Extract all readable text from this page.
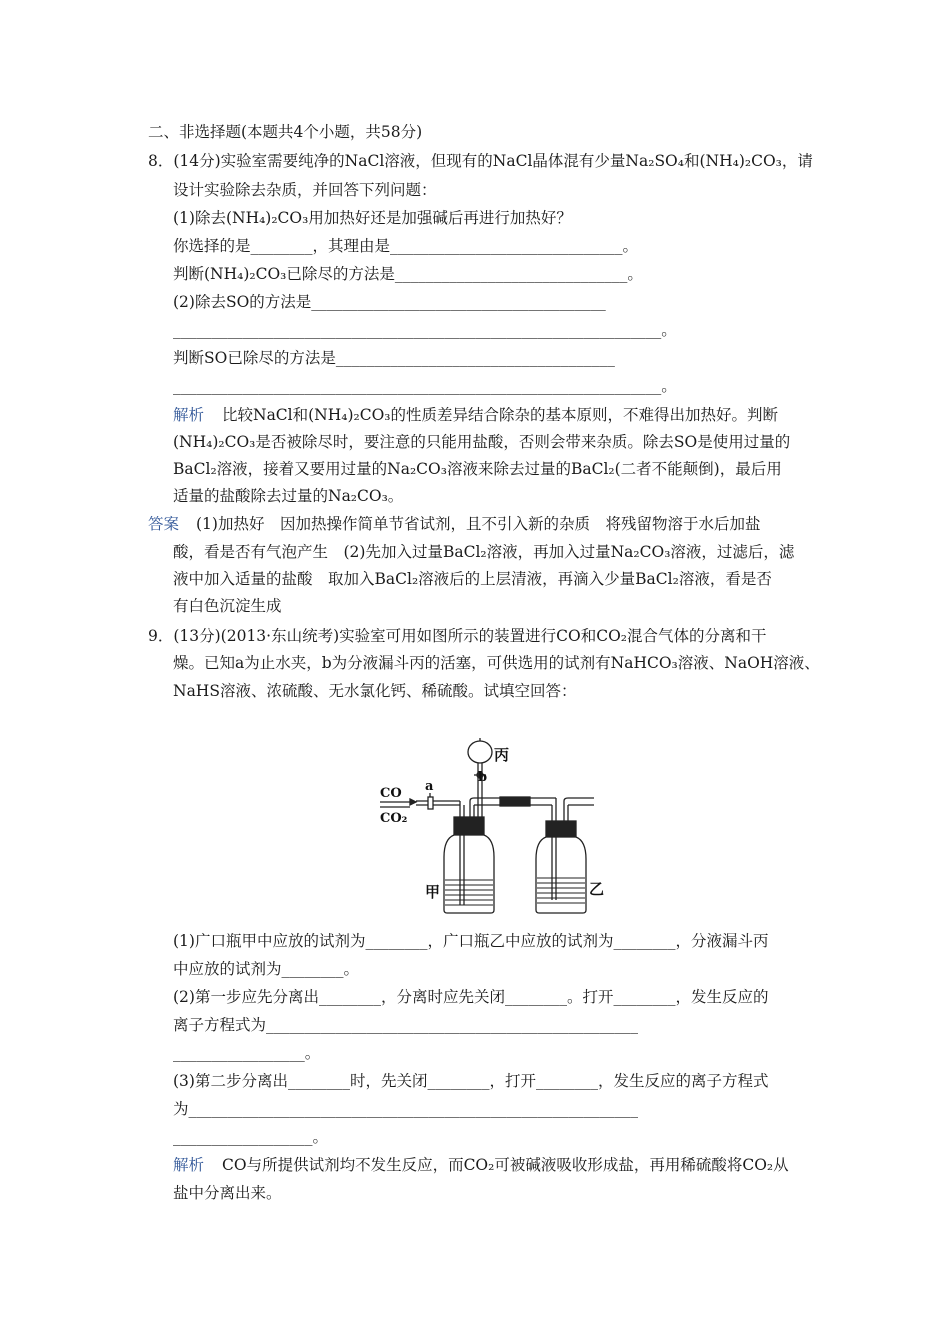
二、非选择题(本题共4个小题，共58分)
8．(14分)实验室需要纯净的NaCl溶液，但现有的NaCl晶体混有少量Na₂SO₄和(NH₄)₂CO₃，请
设计实验除去杂质，并回答下列问题：
(1)除去(NH₄)₂CO₃用加热好还是加强碱后再进行加热好？
你选择的是________，其理由是______________________________。
判断(NH₄)₂CO₃已除尽的方法是______________________________。
(2)除去SO的方法是______________________________________
_______________________________________________________________。
判断SO已除尽的方法是____________________________________
_______________________________________________________________。
解析 比较NaCl和(NH₄)₂CO₃的性质差异结合除杂的基本原则，不难得出加热好。判断
(NH₄)₂CO₃是否被除尽时，要注意的只能用盐酸，否则会带来杂质。除去SO是使用过量的
BaCl₂溶液，接着又要用过量的Na₂CO₃溶液来除去过量的BaCl₂(二者不能颠倒)，最后用
适量的盐酸除去过量的Na₂CO₃。
答案 (1)加热好　因加热操作简单节省试剂，且不引入新的杂质　将残留物溶于水后加盐
酸，看是否有气泡产生　(2)先加入过量BaCl₂溶液，再加入过量Na₂CO₃溶液，过滤后，滤
液中加入适量的盐酸　取加入BaCl₂溶液后的上层清液，再滴入少量BaCl₂溶液，看是否
有白色沉淀生成
9．(13分)(2013·东山统考)实验室可用如图所示的装置进行CO和CO₂混合气体的分离和干
燥。已知a为止水夹，b为分液漏斗丙的活塞，可供选用的试剂有NaHCO₃溶液、NaOH溶液、
NaHS溶液、浓硫酸、无水氯化钙、稀硫酸。试填空回答：
CO
CO₂
a
b
丙
甲	乙
(1)广口瓶甲中应放的试剂为________，广口瓶乙中应放的试剂为________，分液漏斗丙
中应放的试剂为________。
(2)第一步应先分离出________，分离时应先关闭________。打开________，发生反应的
离子方程式为________________________________________________
_________________。
(3)第二步分离出________时，先关闭________，打开________，发生反应的离子方程式
为__________________________________________________________
__________________。
解析 CO与所提供试剂均不发生反应，而CO₂可被碱液吸收形成盐，再用稀硫酸将CO₂从
盐中分离出来。
